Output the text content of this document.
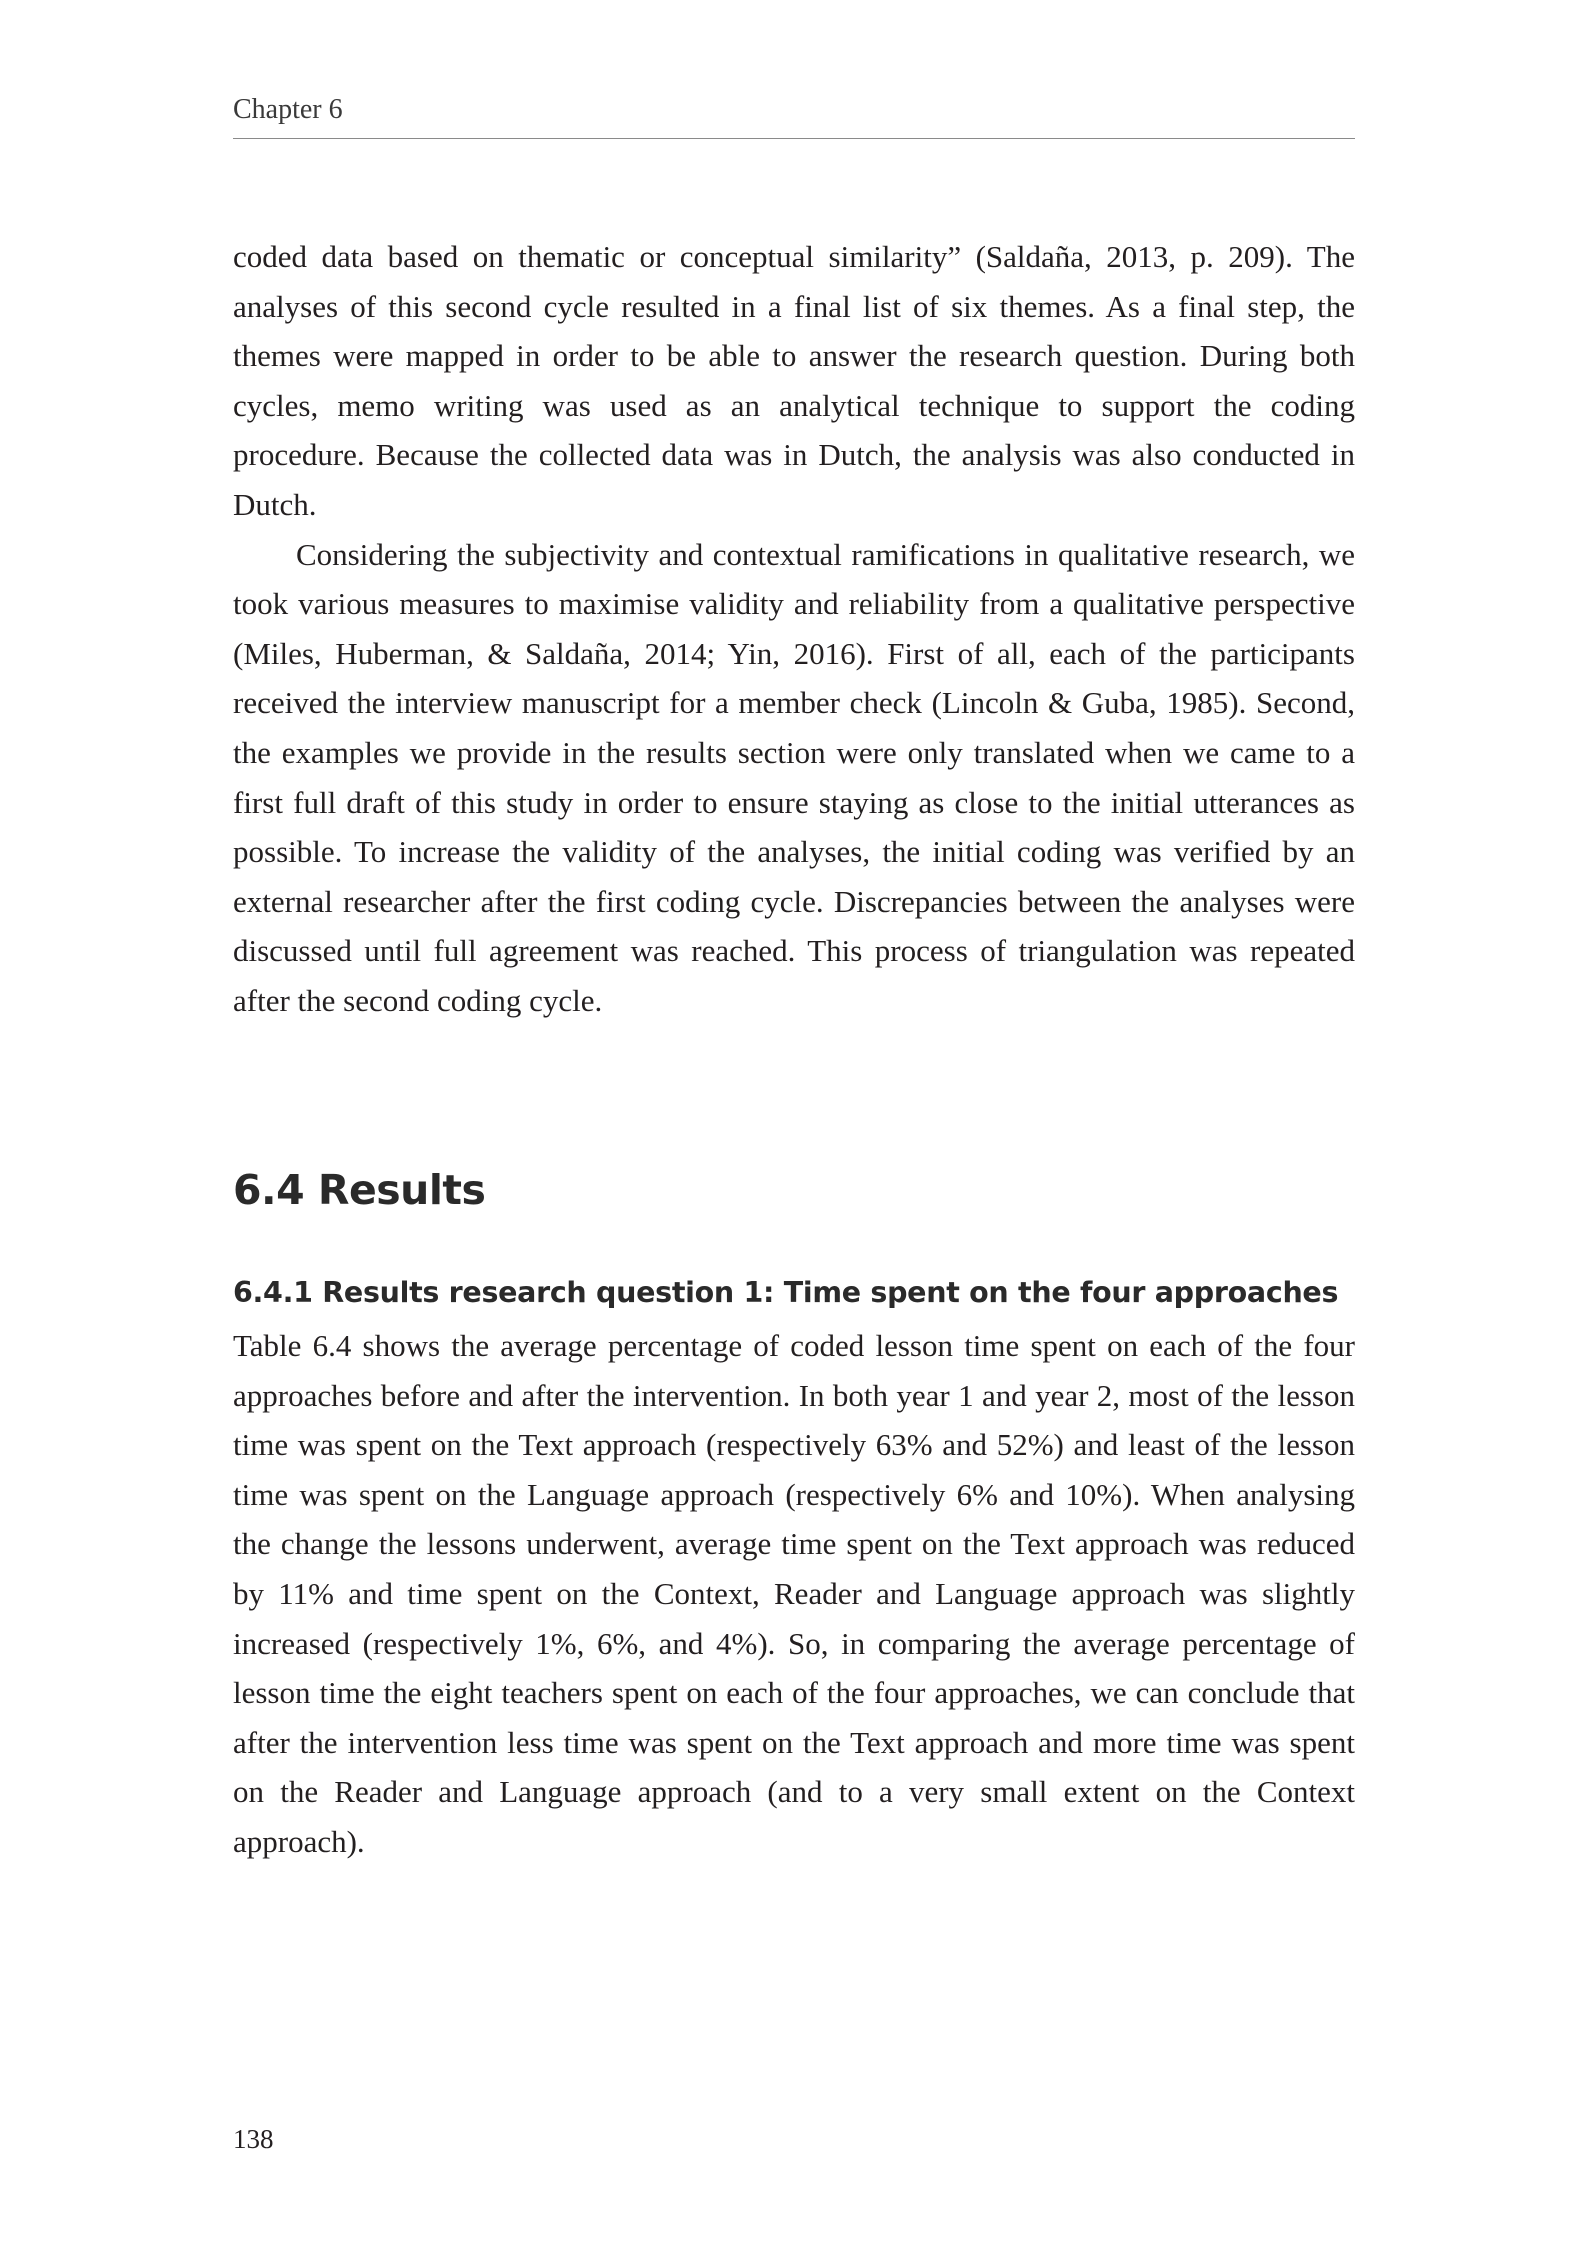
Chapter 6

coded data based on thematic or conceptual similarity” (Saldaña, 2013, p. 209). The analyses of this second cycle resulted in a final list of six themes. As a final step, the themes were mapped in order to be able to answer the research question. During both cycles, memo writing was used as an analytical technique to support the coding procedure. Because the collected data was in Dutch, the analysis was also conducted in Dutch.

Considering the subjectivity and contextual ramifications in qualitative research, we took various measures to maximise validity and reliability from a qualitative perspective (Miles, Huberman, & Saldaña, 2014; Yin, 2016). First of all, each of the participants received the interview manuscript for a member check (Lincoln & Guba, 1985). Second, the examples we provide in the results section were only translated when we came to a first full draft of this study in order to ensure staying as close to the initial utterances as possible. To increase the validity of the analyses, the initial coding was verified by an external researcher after the first coding cycle. Discrepancies between the analyses were discussed until full agreement was reached. This process of triangulation was repeated after the second coding cycle.

6.4 Results
6.4.1 Results research question 1: Time spent on the four approaches

Table 6.4 shows the average percentage of coded lesson time spent on each of the four approaches before and after the intervention. In both year 1 and year 2, most of the lesson time was spent on the Text approach (respectively 63% and 52%) and least of the lesson time was spent on the Language approach (respectively 6% and 10%). When analysing the change the lessons underwent, average time spent on the Text approach was reduced by 11% and time spent on the Context, Reader and Language approach was slightly increased (respectively 1%, 6%, and 4%). So, in comparing the average percentage of lesson time the eight teachers spent on each of the four approaches, we can conclude that after the intervention less time was spent on the Text approach and more time was spent on the Reader and Language approach (and to a very small extent on the Context approach).

138
